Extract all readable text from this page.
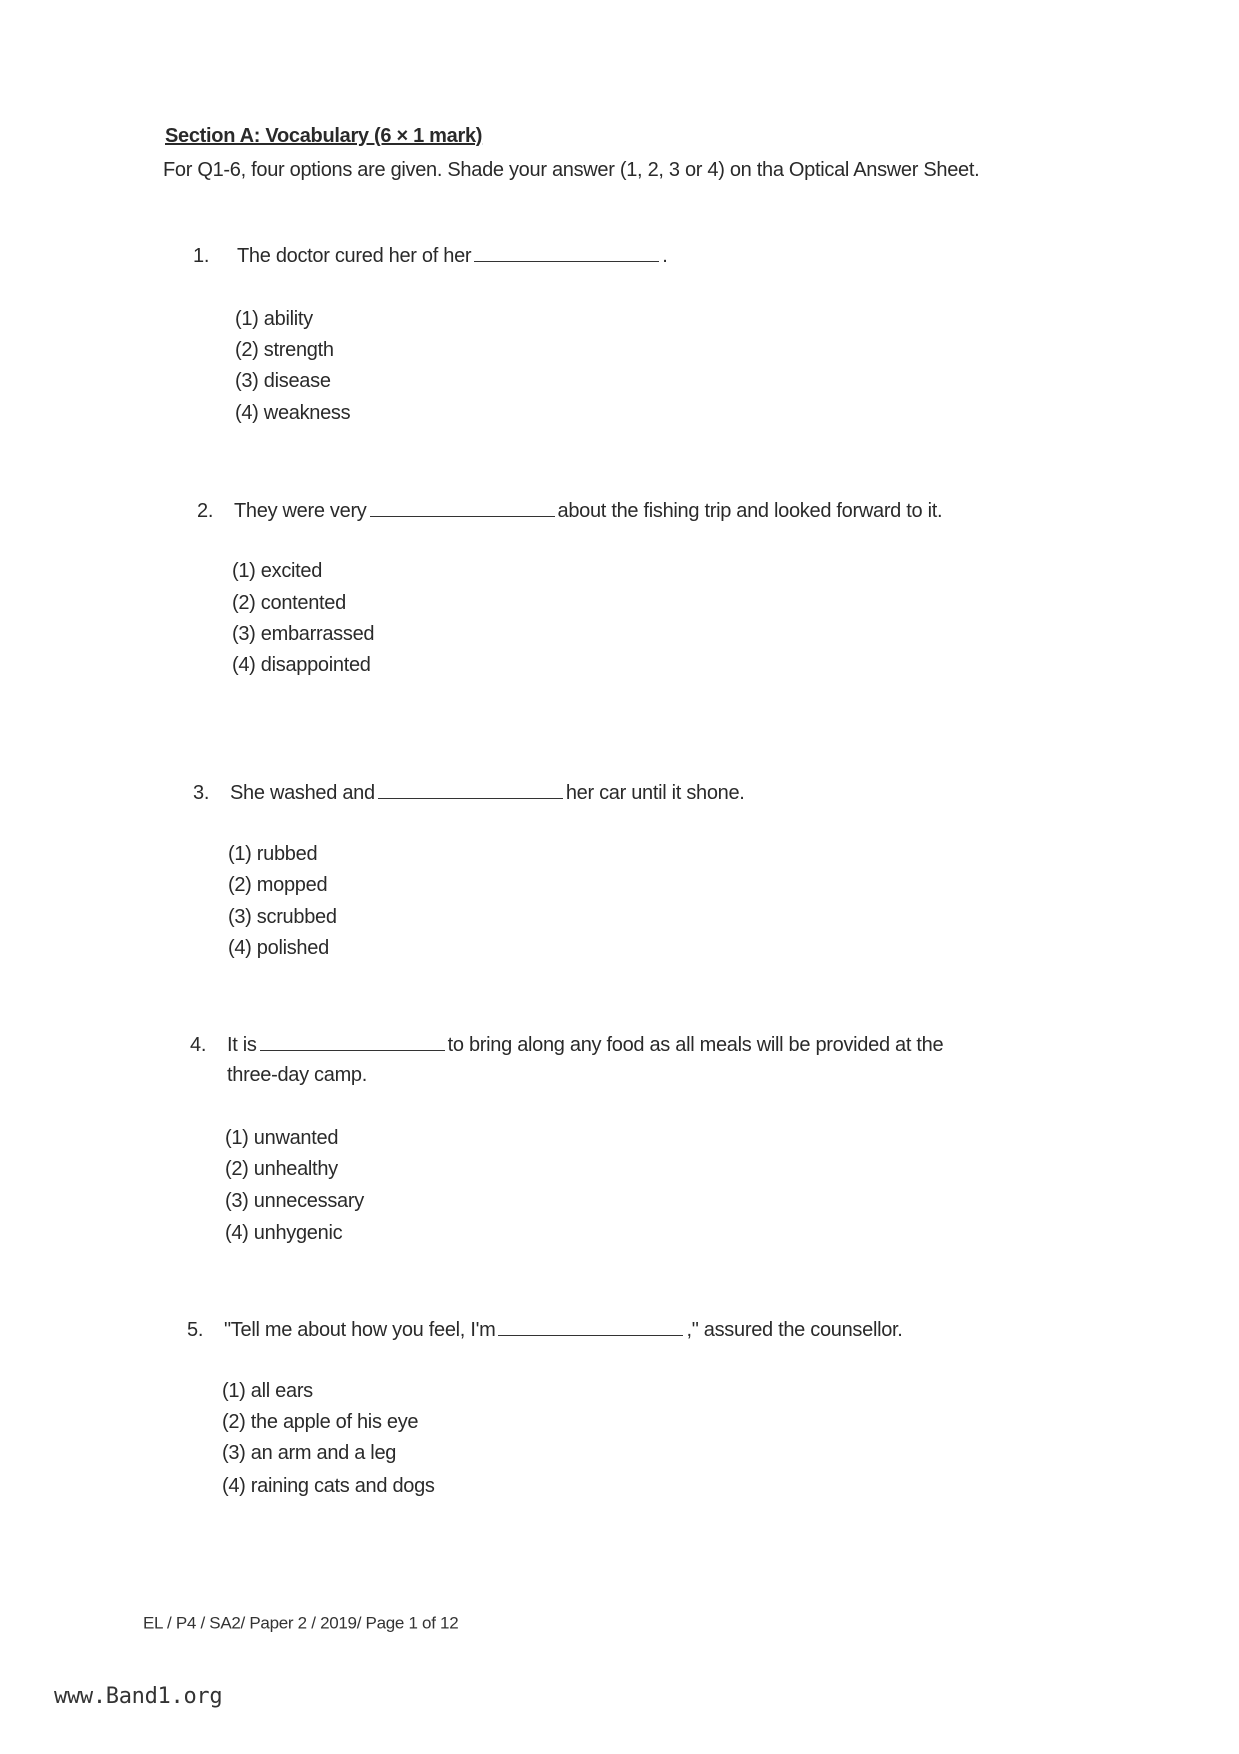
Section A: Vocabulary (6 × 1 mark)
For Q1-6, four options are given. Shade your answer (1, 2, 3 or 4) on tha Optical Answer Sheet.
1. The doctor cured her of her	.
(1) ability
(2) strength
(3) disease
(4) weakness
2. They were very	about the fishing trip and looked forward to it.
(1) excited
(2) contented
(3) embarrassed
(4) disappointed
3. She washed and	her car until it shone.
(1) rubbed
(2) mopped
(3) scrubbed
(4) polished
4. It is	to bring along any food as all meals will be provided at the
three-day camp.
(1) unwanted
(2) unhealthy
(3) unnecessary
(4) unhygenic
5. "Tell me about how you feel, I'm	," assured the counsellor.
(1) all ears
(2) the apple of his eye
(3) an arm and a leg
(4) raining cats and dogs
EL / P4 / SA2/ Paper 2 / 2019/ Page 1 of 12
www.Band1.org
